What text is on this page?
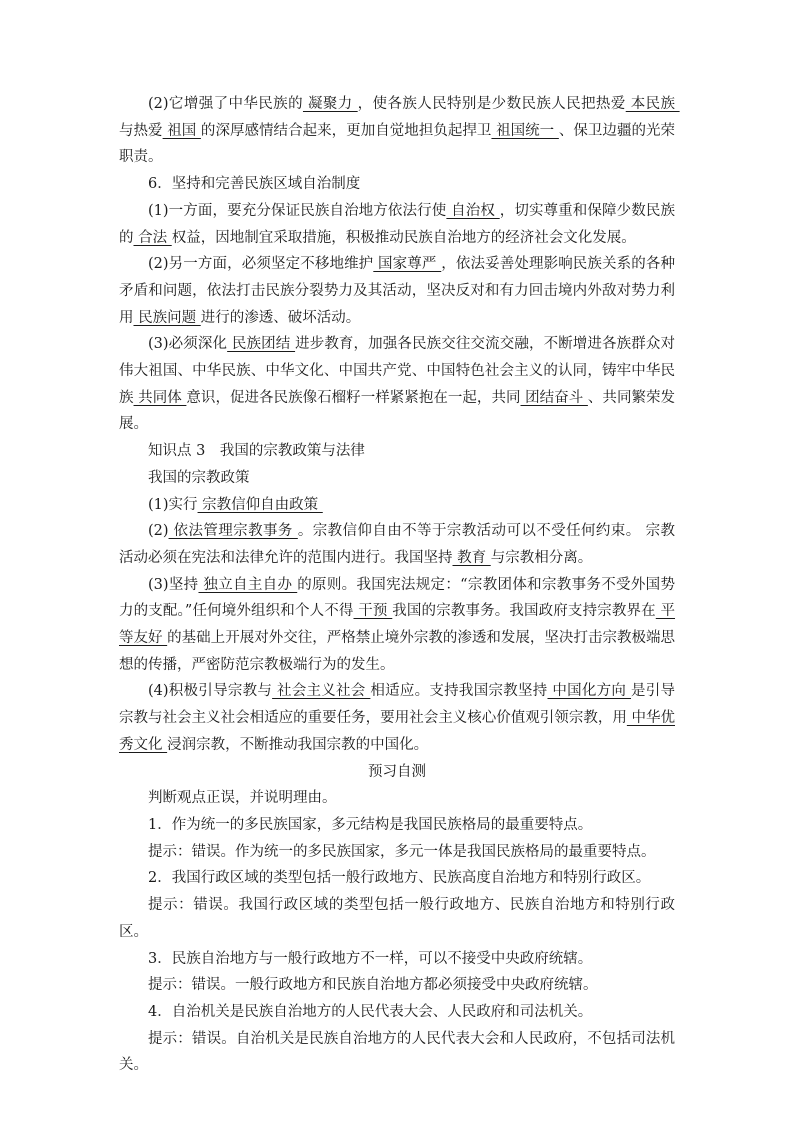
(2)它增强了中华民族的 凝聚力 ，使各族人民特别是少数民族人民把热爱 本民族 与热爱 祖国 的深厚感情结合起来，更加自觉地担负起捍卫 祖国统一 、保卫边疆的光荣职责。

6．坚持和完善民族区域自治制度

(1)一方面，要充分保证民族自治地方依法行使 自治权 ，切实尊重和保障少数民族的 合法 权益，因地制宜采取措施，积极推动民族自治地方的经济社会文化发展。

(2)另一方面，必须坚定不移地维护 国家尊严 ，依法妥善处理影响民族关系的各种矛盾和问题，依法打击民族分裂势力及其活动，坚决反对和有力回击境内外敌对势力利用 民族问题 进行的渗透、破坏活动。

(3)必须深化 民族团结 进步教育，加强各民族交往交流交融，不断增进各族群众对伟大祖国、中华民族、中华文化、中国共产党、中国特色社会主义的认同，铸牢中华民族 共同体 意识，促进各民族像石榴籽一样紧紧抱在一起，共同 团结奋斗 、共同繁荣发展。

知识点 3　我国的宗教政策与法律

我国的宗教政策

(1)实行 宗教信仰自由政策

(2) 依法管理宗教事务 。宗教信仰自由不等于宗教活动可以不受任何约束。 宗教活动必须在宪法和法律允许的范围内进行。我国坚持 教育 与宗教相分离。

(3)坚持 独立自主自办 的原则。我国宪法规定：“宗教团体和宗教事务不受外国势力的支配。”任何境外组织和个人不得 干预 我国的宗教事务。我国政府支持宗教界在 平等友好 的基础上开展对外交往，严格禁止境外宗教的渗透和发展，坚决打击宗教极端思想的传播，严密防范宗教极端行为的发生。

(4)积极引导宗教与 社会主义社会 相适应。支持我国宗教坚持 中国化方向 是引导宗教与社会主义社会相适应的重要任务，要用社会主义核心价值观引领宗教，用 中华优秀文化 浸润宗教，不断推动我国宗教的中国化。

预习自测

判断观点正误，并说明理由。

1．作为统一的多民族国家，多元结构是我国民族格局的最重要特点。

提示：错误。作为统一的多民族国家，多元一体是我国民族格局的最重要特点。

2．我国行政区域的类型包括一般行政地方、民族高度自治地方和特别行政区。

提示：错误。我国行政区域的类型包括一般行政地方、民族自治地方和特别行政区。

3．民族自治地方与一般行政地方不一样，可以不接受中央政府统辖。

提示：错误。一般行政地方和民族自治地方都必须接受中央政府统辖。

4．自治机关是民族自治地方的人民代表大会、人民政府和司法机关。

提示：错误。自治机关是民族自治地方的人民代表大会和人民政府，不包括司法机关。
